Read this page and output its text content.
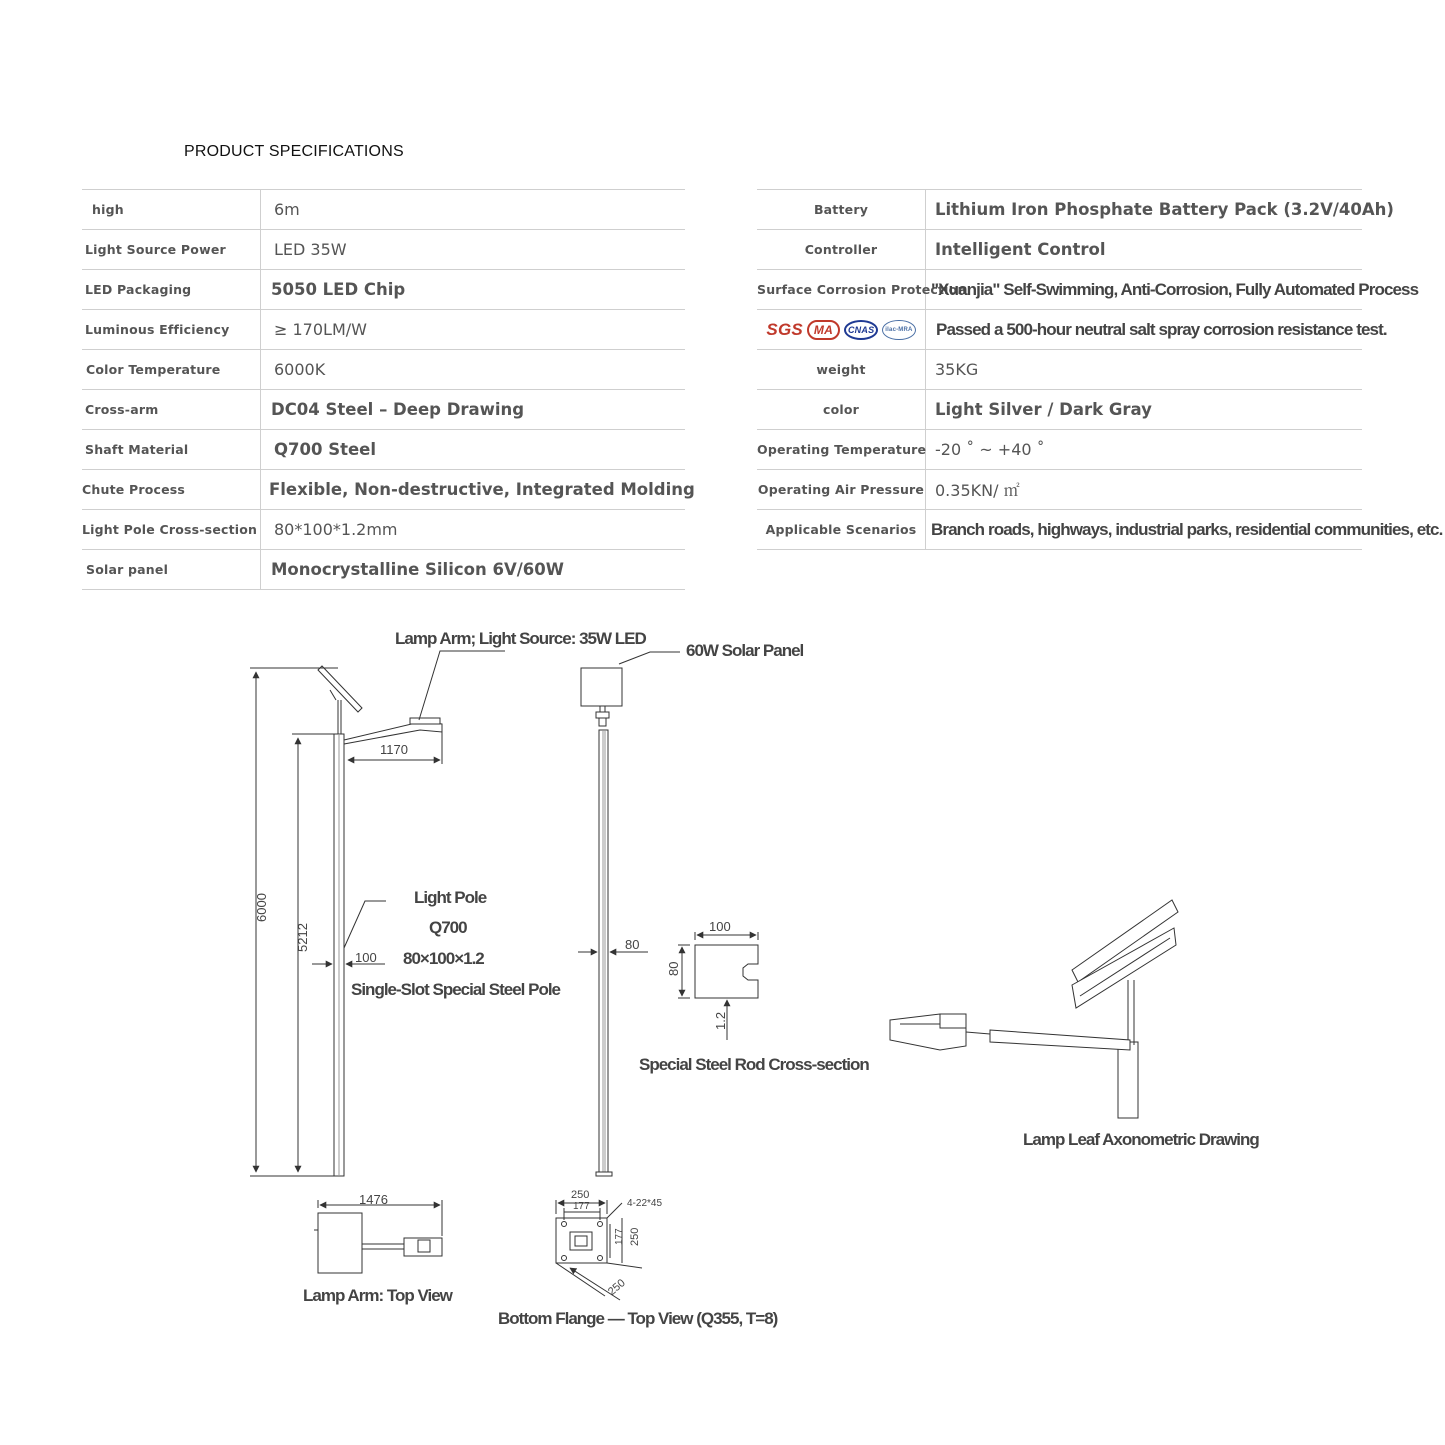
PRODUCT SPECIFICATIONS
high	6m
Light Source Power	LED 35W
LED Packaging	5050 LED Chip
Luminous Efficiency	≥ 170LM/W
Color Temperature	6000K
Cross-arm	DC04 Steel – Deep Drawing
Shaft Material	Q700 Steel
Chute Process	Flexible, Non-destructive, Integrated Molding
Light Pole Cross-section	80*100*1.2mm
Solar panel	Monocrystalline Silicon 6V/60W
Battery	Lithium Iron Phosphate Battery Pack (3.2V/40Ah)
Controller	Intelligent Control
Surface Corrosion Protection	"Xuanjia" Self-Swimming, Anti-Corrosion, Fully Automated Process

SGS MA CNAS ilac-MRA	Passed a 500-hour neutral salt spray corrosion resistance test.
weight	35KG
color	Light Silver / Dark Gray
Operating Temperature	-20 ˚ ~ +40 ˚
Operating Air Pressure	0.35KN/ ㎡
Applicable Scenarios	Branch roads, highways, industrial parks, residential communities, etc.
Lamp Arm; Light Source: 35W LED
6000
5212
1170
100
Light Pole
Q700
80×100×1.2
Single-Slot Special Steel Pole
60W Solar Panel
80
100
80
1.2
Special Steel Rod Cross-section
Lamp Leaf Axonometric Drawing
1476
Lamp Arm: Top View
250
177	4-22*45
177 250
250
Bottom Flange — Top View (Q355, T=8)
